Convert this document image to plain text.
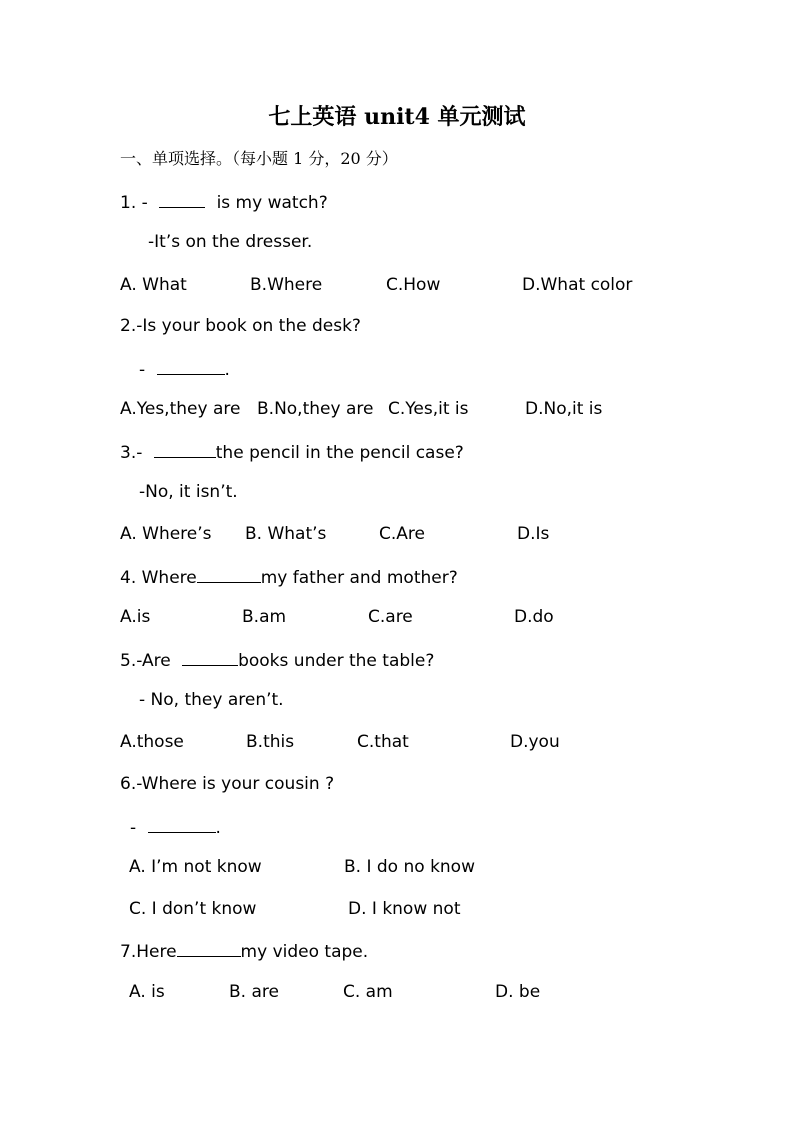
七上英语 unit4 单元测试
一、单项选择。（每小题 1 分，20 分）
1. -	is my watch?
-It’s on the dresser.
A. What	B.Where	C.How	D.What color
2.-Is your book on the desk?
-	.
A.Yes,they are B.No,they are C.Yes,it is	D.No,it is
3.-	the pencil in the pencil case?
-No, it isn’t.
A. Where’s B. What’s	C.Are	D.Is
4. Where	my father and mother?
A.is	B.am	C.are	D.do
5.-Are	books under the table?
- No, they aren’t.
A.those	B.this	C.that	D.you
6.-Where is your cousin ?
-	.
A. I’m not know	B. I do no know
C. I don’t know	D. I know not
7.Here	my video tape.
A. is	B. are	C. am	D. be
